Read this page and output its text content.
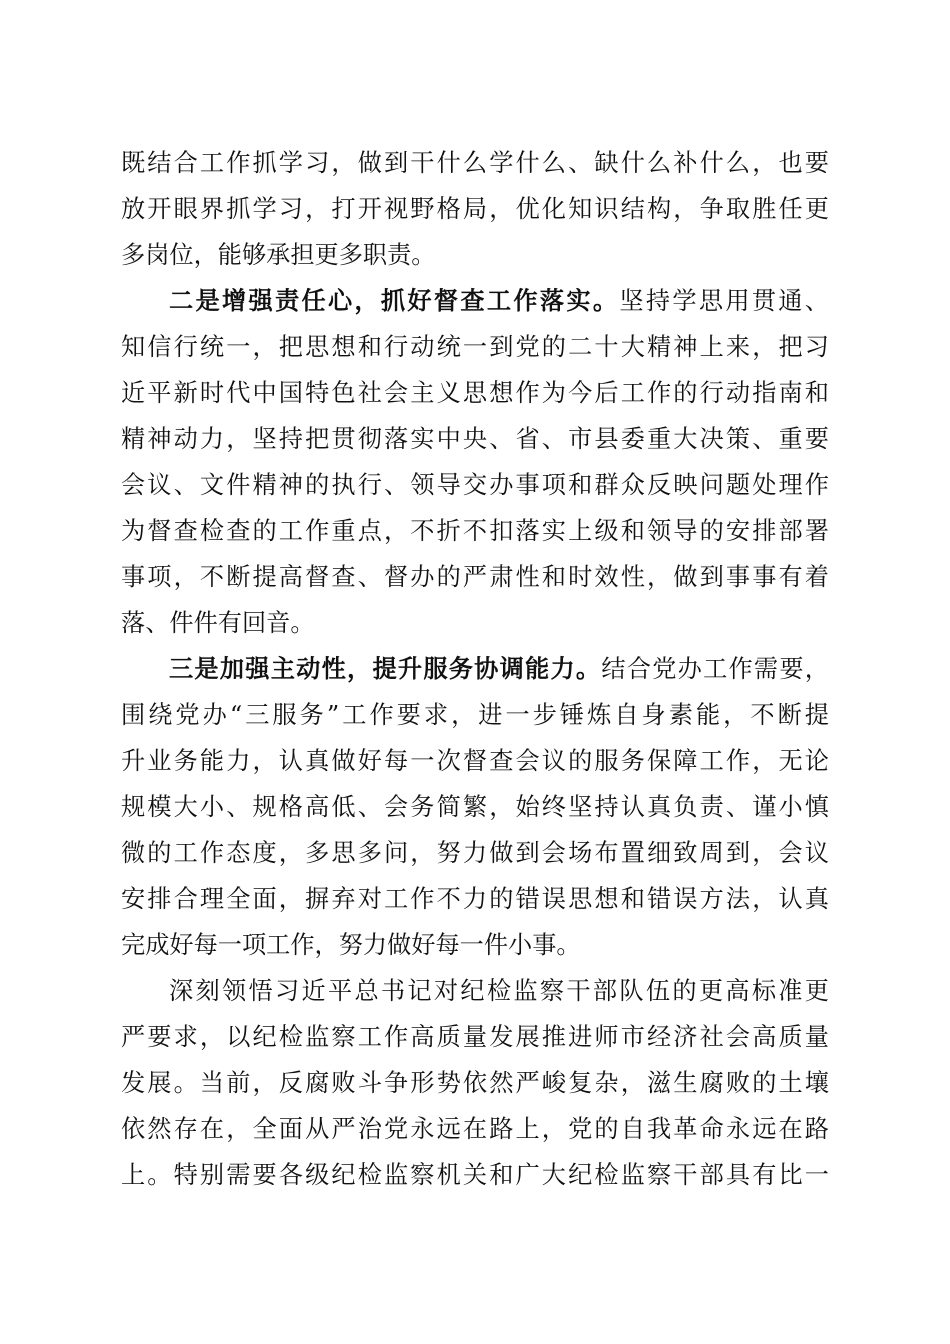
既结合工作抓学习，做到干什么学什么、缺什么补什么，也要
放开眼界抓学习，打开视野格局，优化知识结构，争取胜任更
多岗位，能够承担更多职责。
二是增强责任心，抓好督查工作落实。坚持学思用贯通、
知信行统一，把思想和行动统一到党的二十大精神上来，把习
近平新时代中国特色社会主义思想作为今后工作的行动指南和
精神动力，坚持把贯彻落实中央、省、市县委重大决策、重要
会议、文件精神的执行、领导交办事项和群众反映问题处理作
为督查检查的工作重点，不折不扣落实上级和领导的安排部署
事项，不断提高督查、督办的严肃性和时效性，做到事事有着
落、件件有回音。
三是加强主动性，提升服务协调能力。结合党办工作需要，
围绕党办“三服务”工作要求，进一步锤炼自身素能，不断提
升业务能力，认真做好每一次督查会议的服务保障工作，无论
规模大小、规格高低、会务简繁，始终坚持认真负责、谨小慎
微的工作态度，多思多问，努力做到会场布置细致周到，会议
安排合理全面，摒弃对工作不力的错误思想和错误方法，认真
完成好每一项工作，努力做好每一件小事。
深刻领悟习近平总书记对纪检监察干部队伍的更高标准更
严要求，以纪检监察工作高质量发展推进师市经济社会高质量
发展。当前，反腐败斗争形势依然严峻复杂，滋生腐败的土壤
依然存在，全面从严治党永远在路上，党的自我革命永远在路
上。特别需要各级纪检监察机关和广大纪检监察干部具有比一
